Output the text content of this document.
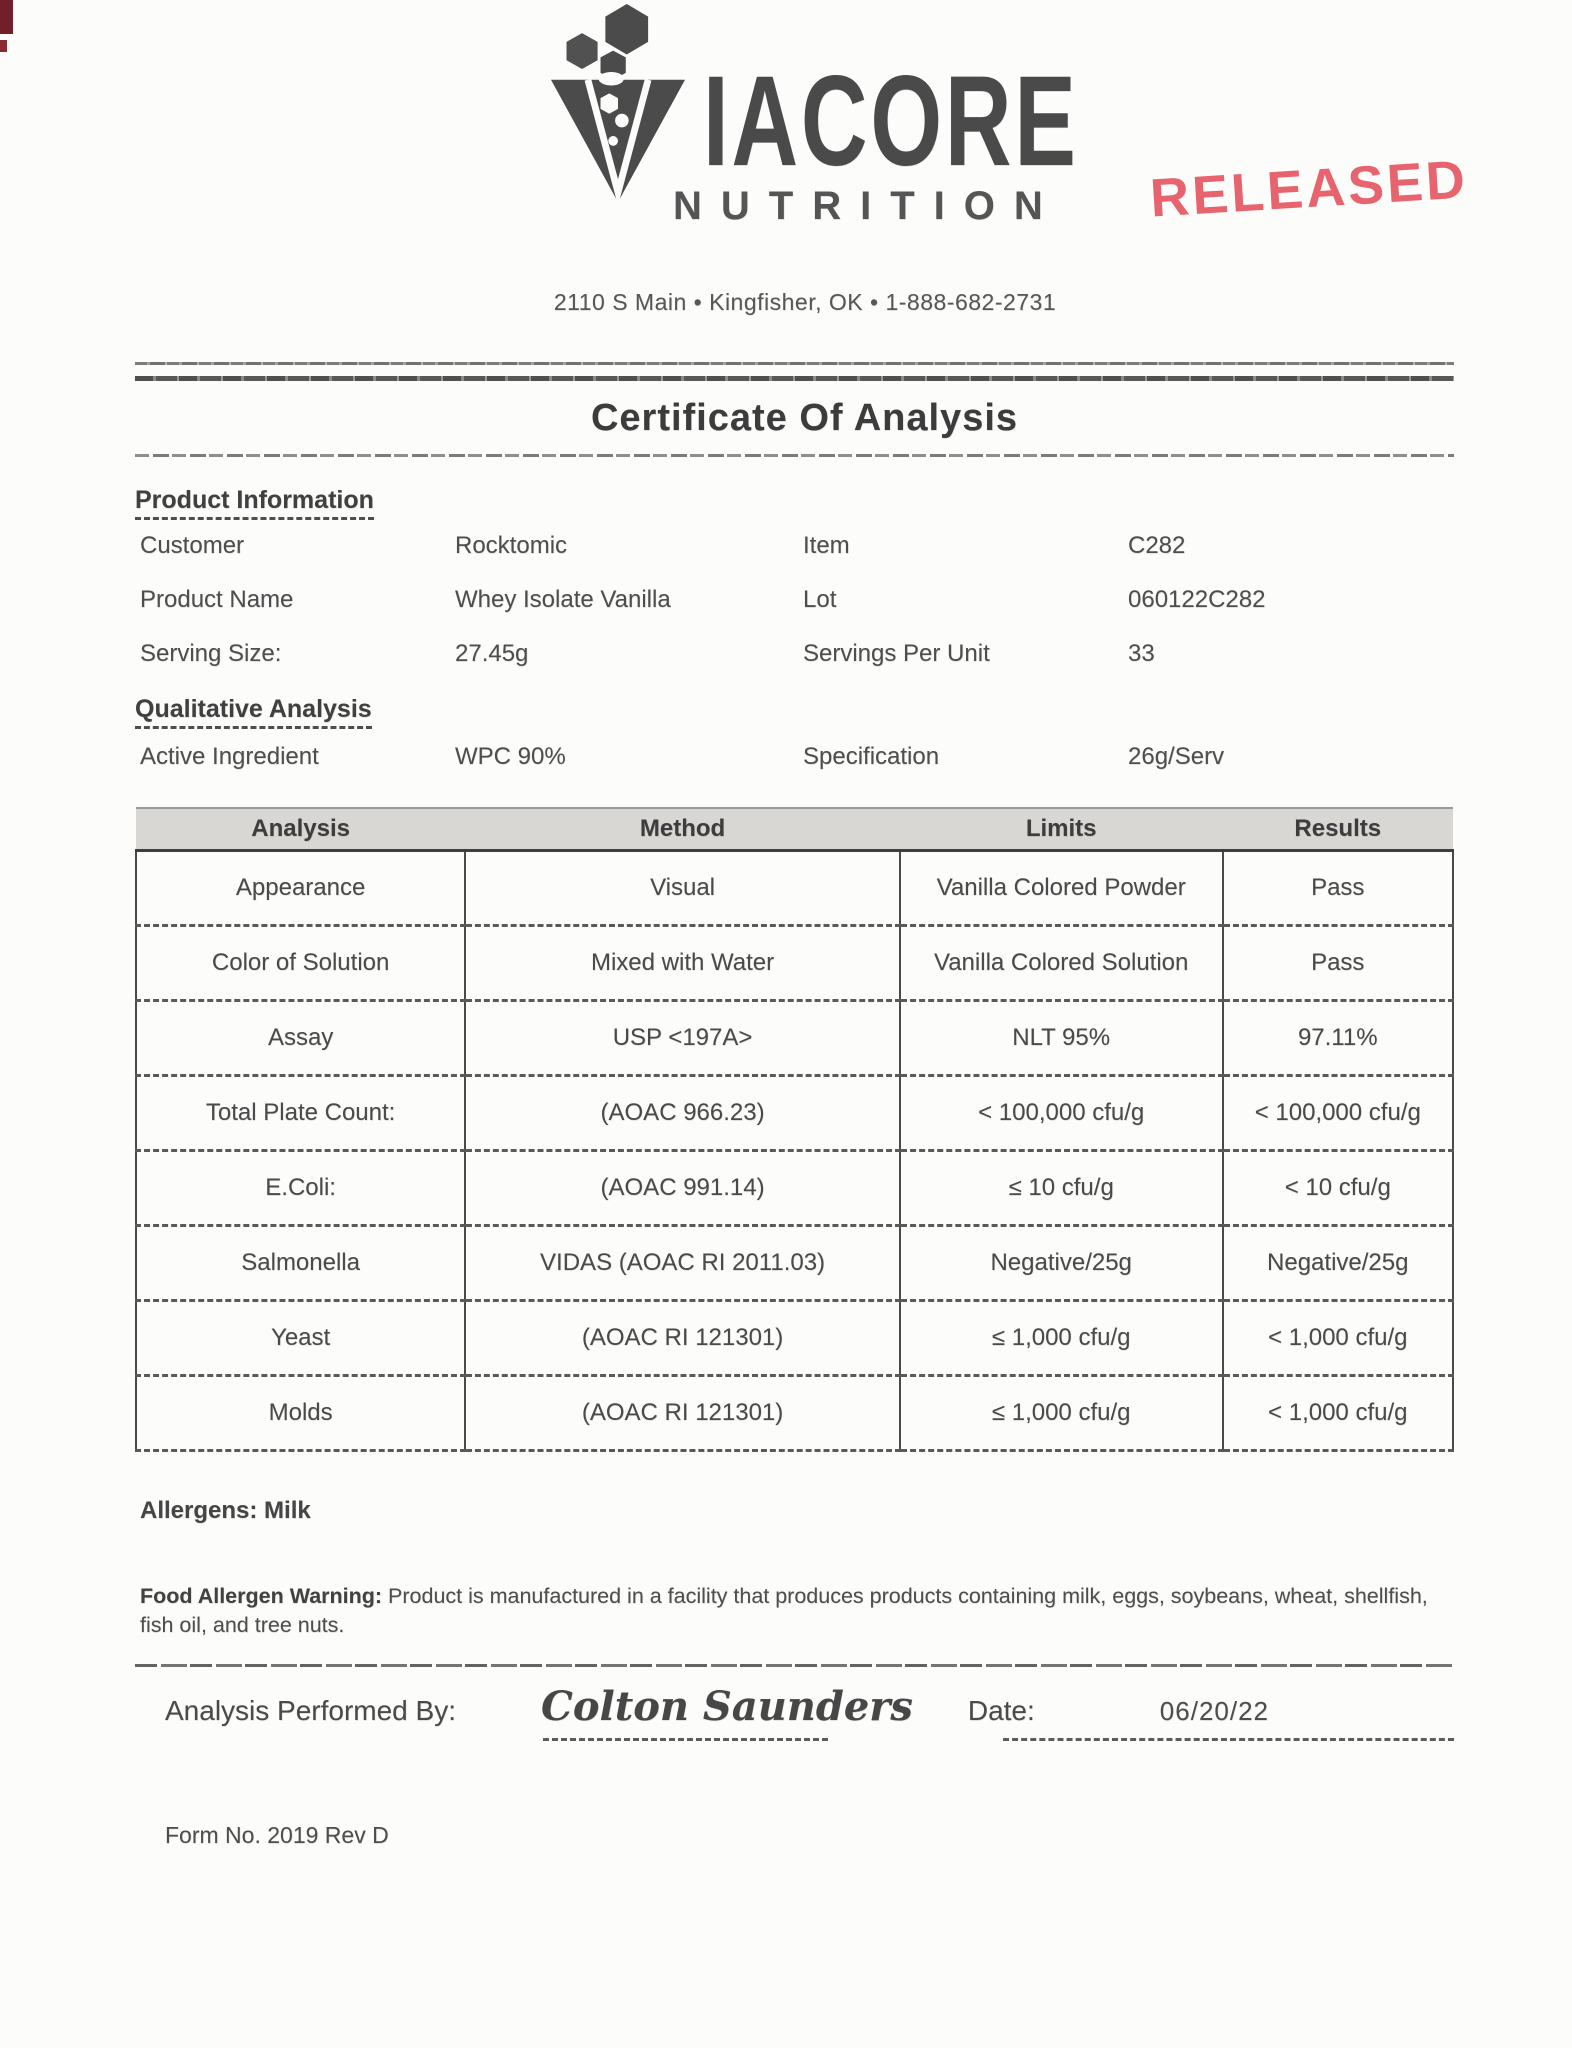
IACORE
NUTRITION	RELEASED
2110 S Main • Kingfisher, OK • 1-888-682-2731
Certificate Of Analysis
Product Information
Customer	Rocktomic	Item	C282
Product Name	Whey Isolate Vanilla	Lot	060122C282
Serving Size:	27.45g	Servings Per Unit	33
Qualitative Analysis
Active Ingredient	WPC 90%	Specification	26g/Serv
Analysis	Method	Limits	Results
Appearance	Visual	Vanilla Colored Powder	Pass
Color of Solution	Mixed with Water	Vanilla Colored Solution	Pass
Assay	USP <197A>	NLT 95%	97.11%
Total Plate Count:	(AOAC 966.23)	< 100,000 cfu/g	< 100,000 cfu/g
E.Coli:	(AOAC 991.14)	≤ 10 cfu/g	< 10 cfu/g
Salmonella	VIDAS (AOAC RI 2011.03)	Negative/25g	Negative/25g
Yeast	(AOAC RI 121301)	≤ 1,000 cfu/g	< 1,000 cfu/g
Molds	(AOAC RI 121301)	≤ 1,000 cfu/g	< 1,000 cfu/g

Allergens: Milk

Food Allergen Warning: Product is manufactured in a facility that produces products containing milk, eggs, soybeans, wheat, shellfish, fish oil, and tree nuts.

Analysis Performed By: Colton Saunders Date:	06/20/22
Form No. 2019 Rev D
